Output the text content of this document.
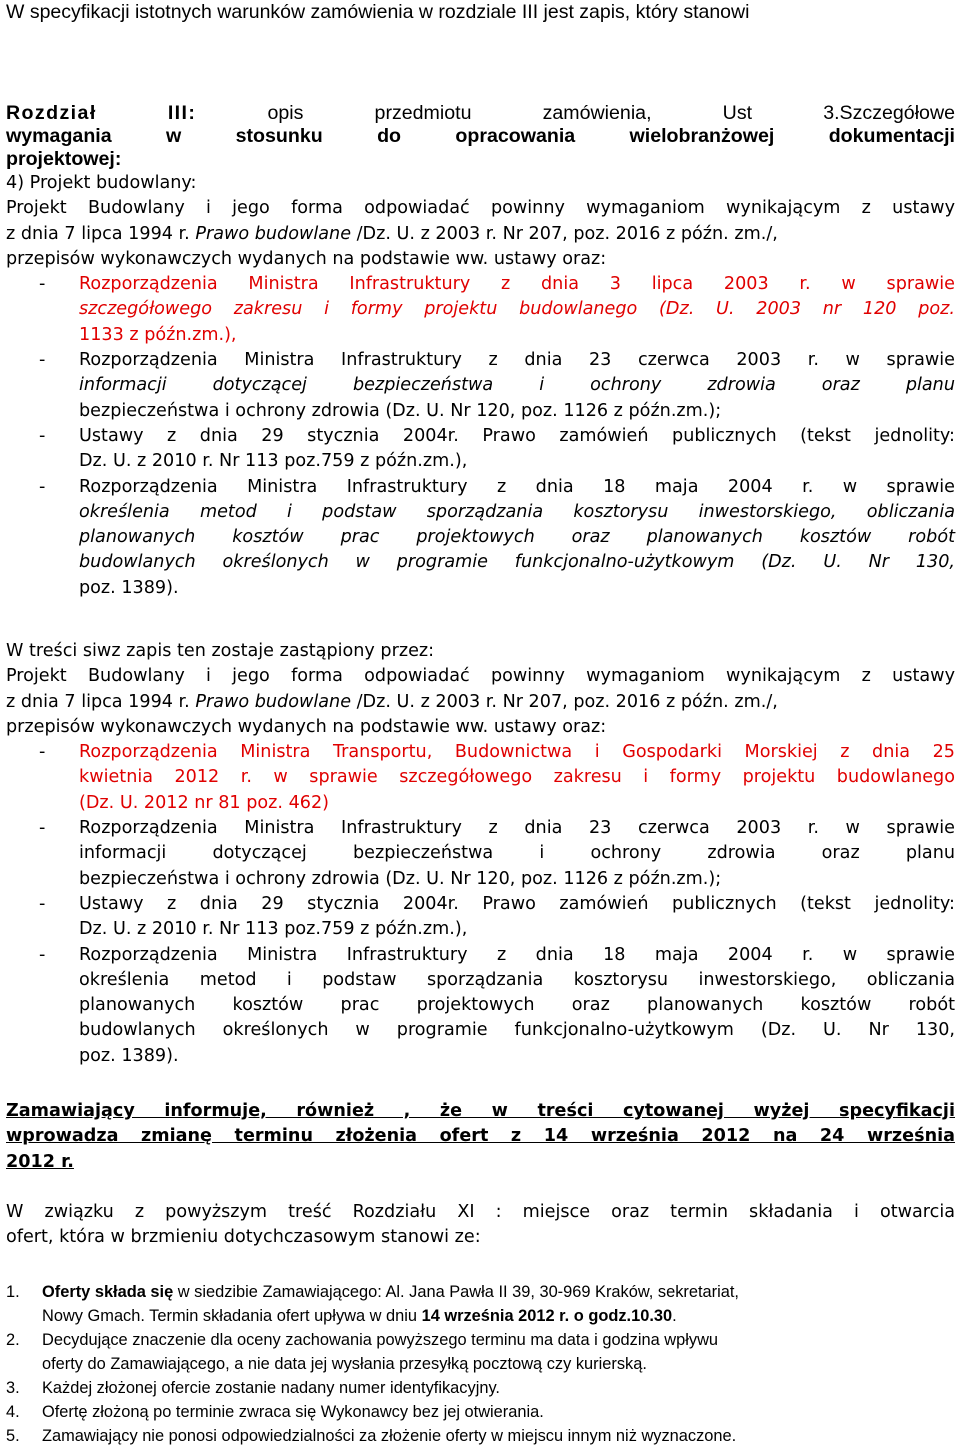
W specyfikacji istotnych warunków zamówienia w rozdziale III jest zapis, który stanowi
Rozdział	III:	opis przedmiotu zamówienia, Ust 3.Szczegółowe
wymagania w stosunku do opracowania wielobranżowej dokumentacji
projektowej:
4) Projekt budowlany:
Projekt Budowlany i jego forma odpowiadać powinny wymaganiom wynikającym z ustawy
z dnia 7 lipca 1994 r. Prawo budowlane /Dz. U. z 2003 r. Nr 207, poz. 2016 z późn. zm./,
przepisów wykonawczych wydanych na podstawie ww. ustawy oraz:
- Rozporządzenia Ministra Infrastruktury z dnia 3 lipca 2003 r. w sprawie
szczegółowego zakresu i formy projektu budowlanego (Dz. U. 2003 nr 120 poz.
1133 z późn.zm.),
- Rozporządzenia Ministra Infrastruktury z dnia 23 czerwca 2003 r. w sprawie
informacji dotyczącej bezpieczeństwa i ochrony zdrowia oraz planu
bezpieczeństwa i ochrony zdrowia (Dz. U. Nr 120, poz. 1126 z późn.zm.);
- Ustawy z dnia 29 stycznia 2004r. Prawo zamówień publicznych (tekst jednolity:
Dz. U. z 2010 r. Nr 113 poz.759 z późn.zm.),
- Rozporządzenia Ministra Infrastruktury z dnia 18 maja 2004 r. w sprawie
określenia metod i podstaw sporządzania kosztorysu inwestorskiego, obliczania
planowanych kosztów prac projektowych oraz planowanych kosztów robót
budowlanych określonych w programie funkcjonalno-użytkowym (Dz. U. Nr 130,
poz. 1389).
W treści siwz zapis ten zostaje zastąpiony przez:
Projekt Budowlany i jego forma odpowiadać powinny wymaganiom wynikającym z ustawy
z dnia 7 lipca 1994 r. Prawo budowlane /Dz. U. z 2003 r. Nr 207, poz. 2016 z późn. zm./,
przepisów wykonawczych wydanych na podstawie ww. ustawy oraz:
- Rozporządzenia Ministra Transportu, Budownictwa i Gospodarki Morskiej z dnia 25
kwietnia 2012 r. w sprawie szczegółowego zakresu i formy projektu budowlanego
(Dz. U. 2012 nr 81 poz. 462)
- Rozporządzenia Ministra Infrastruktury z dnia 23 czerwca 2003 r. w sprawie
informacji dotyczącej bezpieczeństwa i ochrony zdrowia oraz planu
bezpieczeństwa i ochrony zdrowia (Dz. U. Nr 120, poz. 1126 z późn.zm.);
- Ustawy z dnia 29 stycznia 2004r. Prawo zamówień publicznych (tekst jednolity:
Dz. U. z 2010 r. Nr 113 poz.759 z późn.zm.),
- Rozporządzenia Ministra Infrastruktury z dnia 18 maja 2004 r. w sprawie
określenia metod i podstaw sporządzania kosztorysu inwestorskiego, obliczania
planowanych kosztów prac projektowych oraz planowanych kosztów robót
budowlanych określonych w programie funkcjonalno-użytkowym (Dz. U. Nr 130,
poz. 1389).
Zamawiający informuje, również , że w treści cytowanej wyżej specyfikacji
wprowadza zmianę terminu złożenia ofert z 14 września 2012 na 24 września
2012 r.
W związku z powyższym treść Rozdziału XI : miejsce oraz termin składania i otwarcia
ofert, która w brzmieniu dotychczasowym stanowi ze:
1. Oferty składa się w siedzibie Zamawiającego: Al. Jana Pawła II 39, 30-969 Kraków, sekretariat,
Nowy Gmach. Termin składania ofert upływa w dniu 14 września 2012 r. o godz.10.30.
2. Decydujące znaczenie dla oceny zachowania powyższego terminu ma data i godzina wpływu
oferty do Zamawiającego, a nie data jej wysłania przesyłką pocztową czy kurierską.
3. Każdej złożonej ofercie zostanie nadany numer identyfikacyjny.
4. Ofertę złożoną po terminie zwraca się Wykonawcy bez jej otwierania.
5. Zamawiający nie ponosi odpowiedzialności za złożenie oferty w miejscu innym niż wyznaczone.
